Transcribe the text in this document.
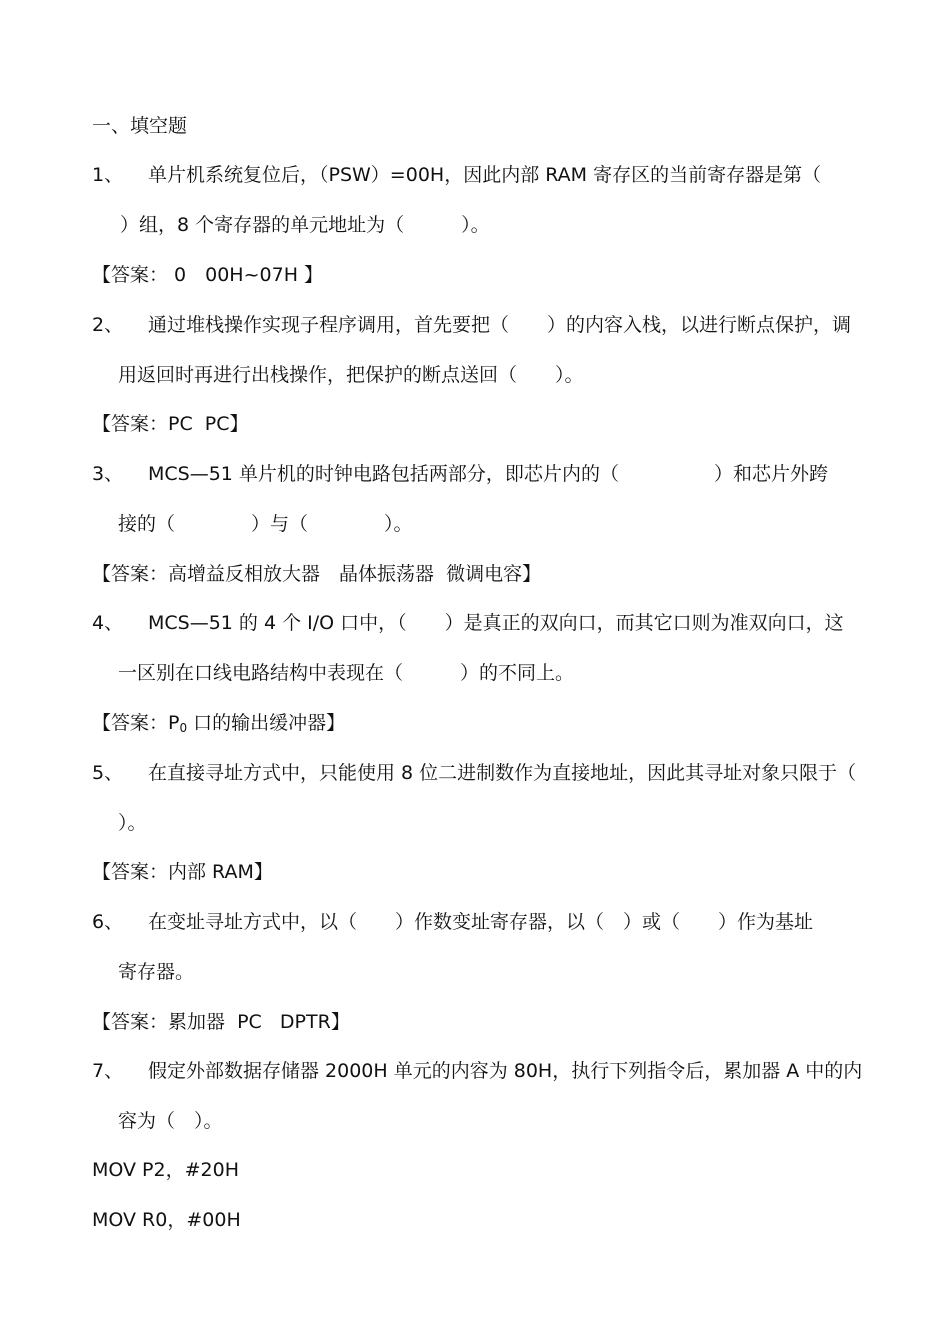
一、填空题
1、 单片机系统复位后，（PSW）=00H，因此内部 RAM 寄存区的当前寄存器是第（
）组，8 个寄存器的单元地址为（　　　）。
【答案： 0　00H~07H 】
2、 通过堆栈操作实现子程序调用，首先要把（　　）的内容入栈，以进行断点保护，调
用返回时再进行出栈操作，把保护的断点送回（　　）。
【答案：PC  PC】
3、 MCS—51 单片机的时钟电路包括两部分，即芯片内的（　　　　　）和芯片外跨
接的（　　　　）与（　　　　）。
【答案：高增益反相放大器　晶体振荡器  微调电容】
4、 MCS—51 的 4 个 I/O 口中，（　　）是真正的双向口，而其它口则为准双向口，这
一区别在口线电路结构中表现在（　　　）的不同上。
【答案：$P_0$ 口的输出缓冲器】
5、 在直接寻址方式中，只能使用 8 位二进制数作为直接地址，因此其寻址对象只限于（
）。
【答案：内部 RAM】
6、 在变址寻址方式中，以（　　）作数变址寄存器，以（　）或（　　）作为基址
寄存器。
【答案：累加器  PC   DPTR】
7、 假定外部数据存储器 2000H 单元的内容为 80H，执行下列指令后，累加器 A 中的内
容为（　）。
MOV P2，#20H
MOV R0，#00H
